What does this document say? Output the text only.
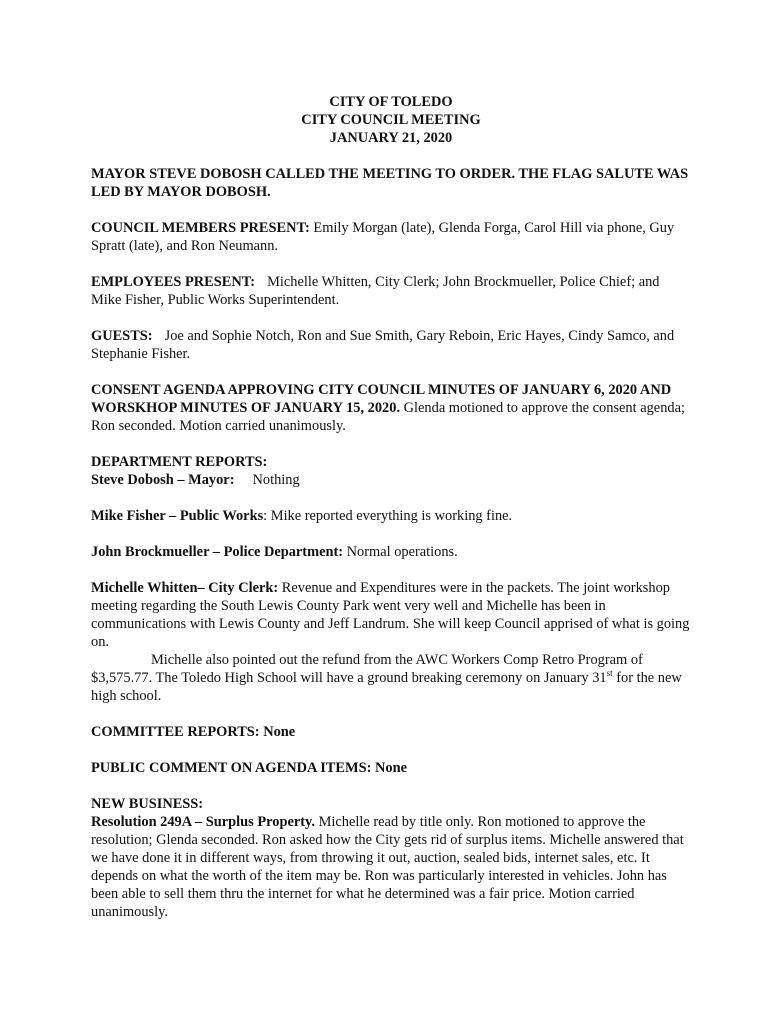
CITY OF TOLEDO
CITY COUNCIL MEETING
JANUARY 21, 2020

MAYOR STEVE DOBOSH CALLED THE MEETING TO ORDER. THE FLAG SALUTE WAS LED BY MAYOR DOBOSH.

COUNCIL MEMBERS PRESENT: Emily Morgan (late), Glenda Forga, Carol Hill via phone, Guy Spratt (late), and Ron Neumann.

EMPLOYEES PRESENT: Michelle Whitten, City Clerk; John Brockmueller, Police Chief; and Mike Fisher, Public Works Superintendent.

GUESTS: Joe and Sophie Notch, Ron and Sue Smith, Gary Reboin, Eric Hayes, Cindy Samco, and Stephanie Fisher.

CONSENT AGENDA APPROVING CITY COUNCIL MINUTES OF JANUARY 6, 2020 AND WORSKHOP MINUTES OF JANUARY 15, 2020. Glenda motioned to approve the consent agenda; Ron seconded. Motion carried unanimously.

DEPARTMENT REPORTS:

Steve Dobosh – Mayor: Nothing

Mike Fisher – Public Works: Mike reported everything is working fine.

John Brockmueller – Police Department: Normal operations.

Michelle Whitten– City Clerk: Revenue and Expenditures were in the packets. The joint workshop meeting regarding the South Lewis County Park went very well and Michelle has been in communications with Lewis County and Jeff Landrum. She will keep Council apprised of what is going on.

Michelle also pointed out the refund from the AWC Workers Comp Retro Program of $3,575.77. The Toledo High School will have a ground breaking ceremony on January 31st for the new high school.

COMMITTEE REPORTS: None

PUBLIC COMMENT ON AGENDA ITEMS: None

NEW BUSINESS:

Resolution 249A – Surplus Property. Michelle read by title only. Ron motioned to approve the resolution; Glenda seconded. Ron asked how the City gets rid of surplus items. Michelle answered that we have done it in different ways, from throwing it out, auction, sealed bids, internet sales, etc. It depends on what the worth of the item may be. Ron was particularly interested in vehicles. John has been able to sell them thru the internet for what he determined was a fair price. Motion carried unanimously.
